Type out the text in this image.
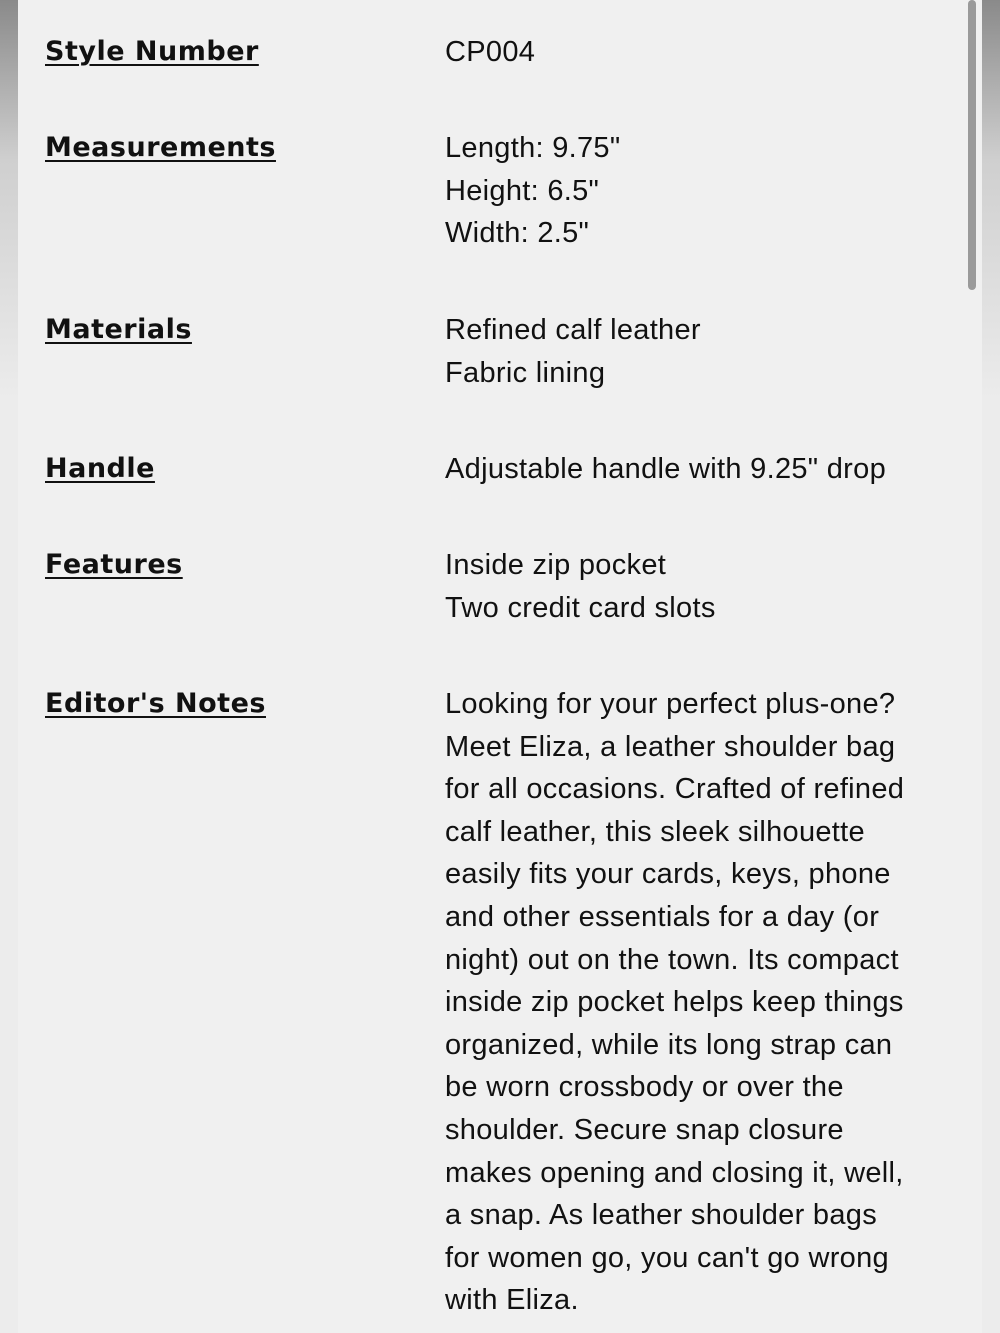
Style Number	CP004
Measurements	Length: 9.75"
Height: 6.5"
Width: 2.5"
Materials	Refined calf leather
Fabric lining
Handle	Adjustable handle with 9.25" drop
Features	Inside zip pocket
Two credit card slots
Editor's Notes	Looking for your perfect plus-one?
Meet Eliza, a leather shoulder bag
for all occasions. Crafted of refined
calf leather, this sleek silhouette
easily fits your cards, keys, phone
and other essentials for a day (or
night) out on the town. Its compact
inside zip pocket helps keep things
organized, while its long strap can
be worn crossbody or over the
shoulder. Secure snap closure
makes opening and closing it, well,
a snap. As leather shoulder bags
for women go, you can't go wrong
with Eliza.
